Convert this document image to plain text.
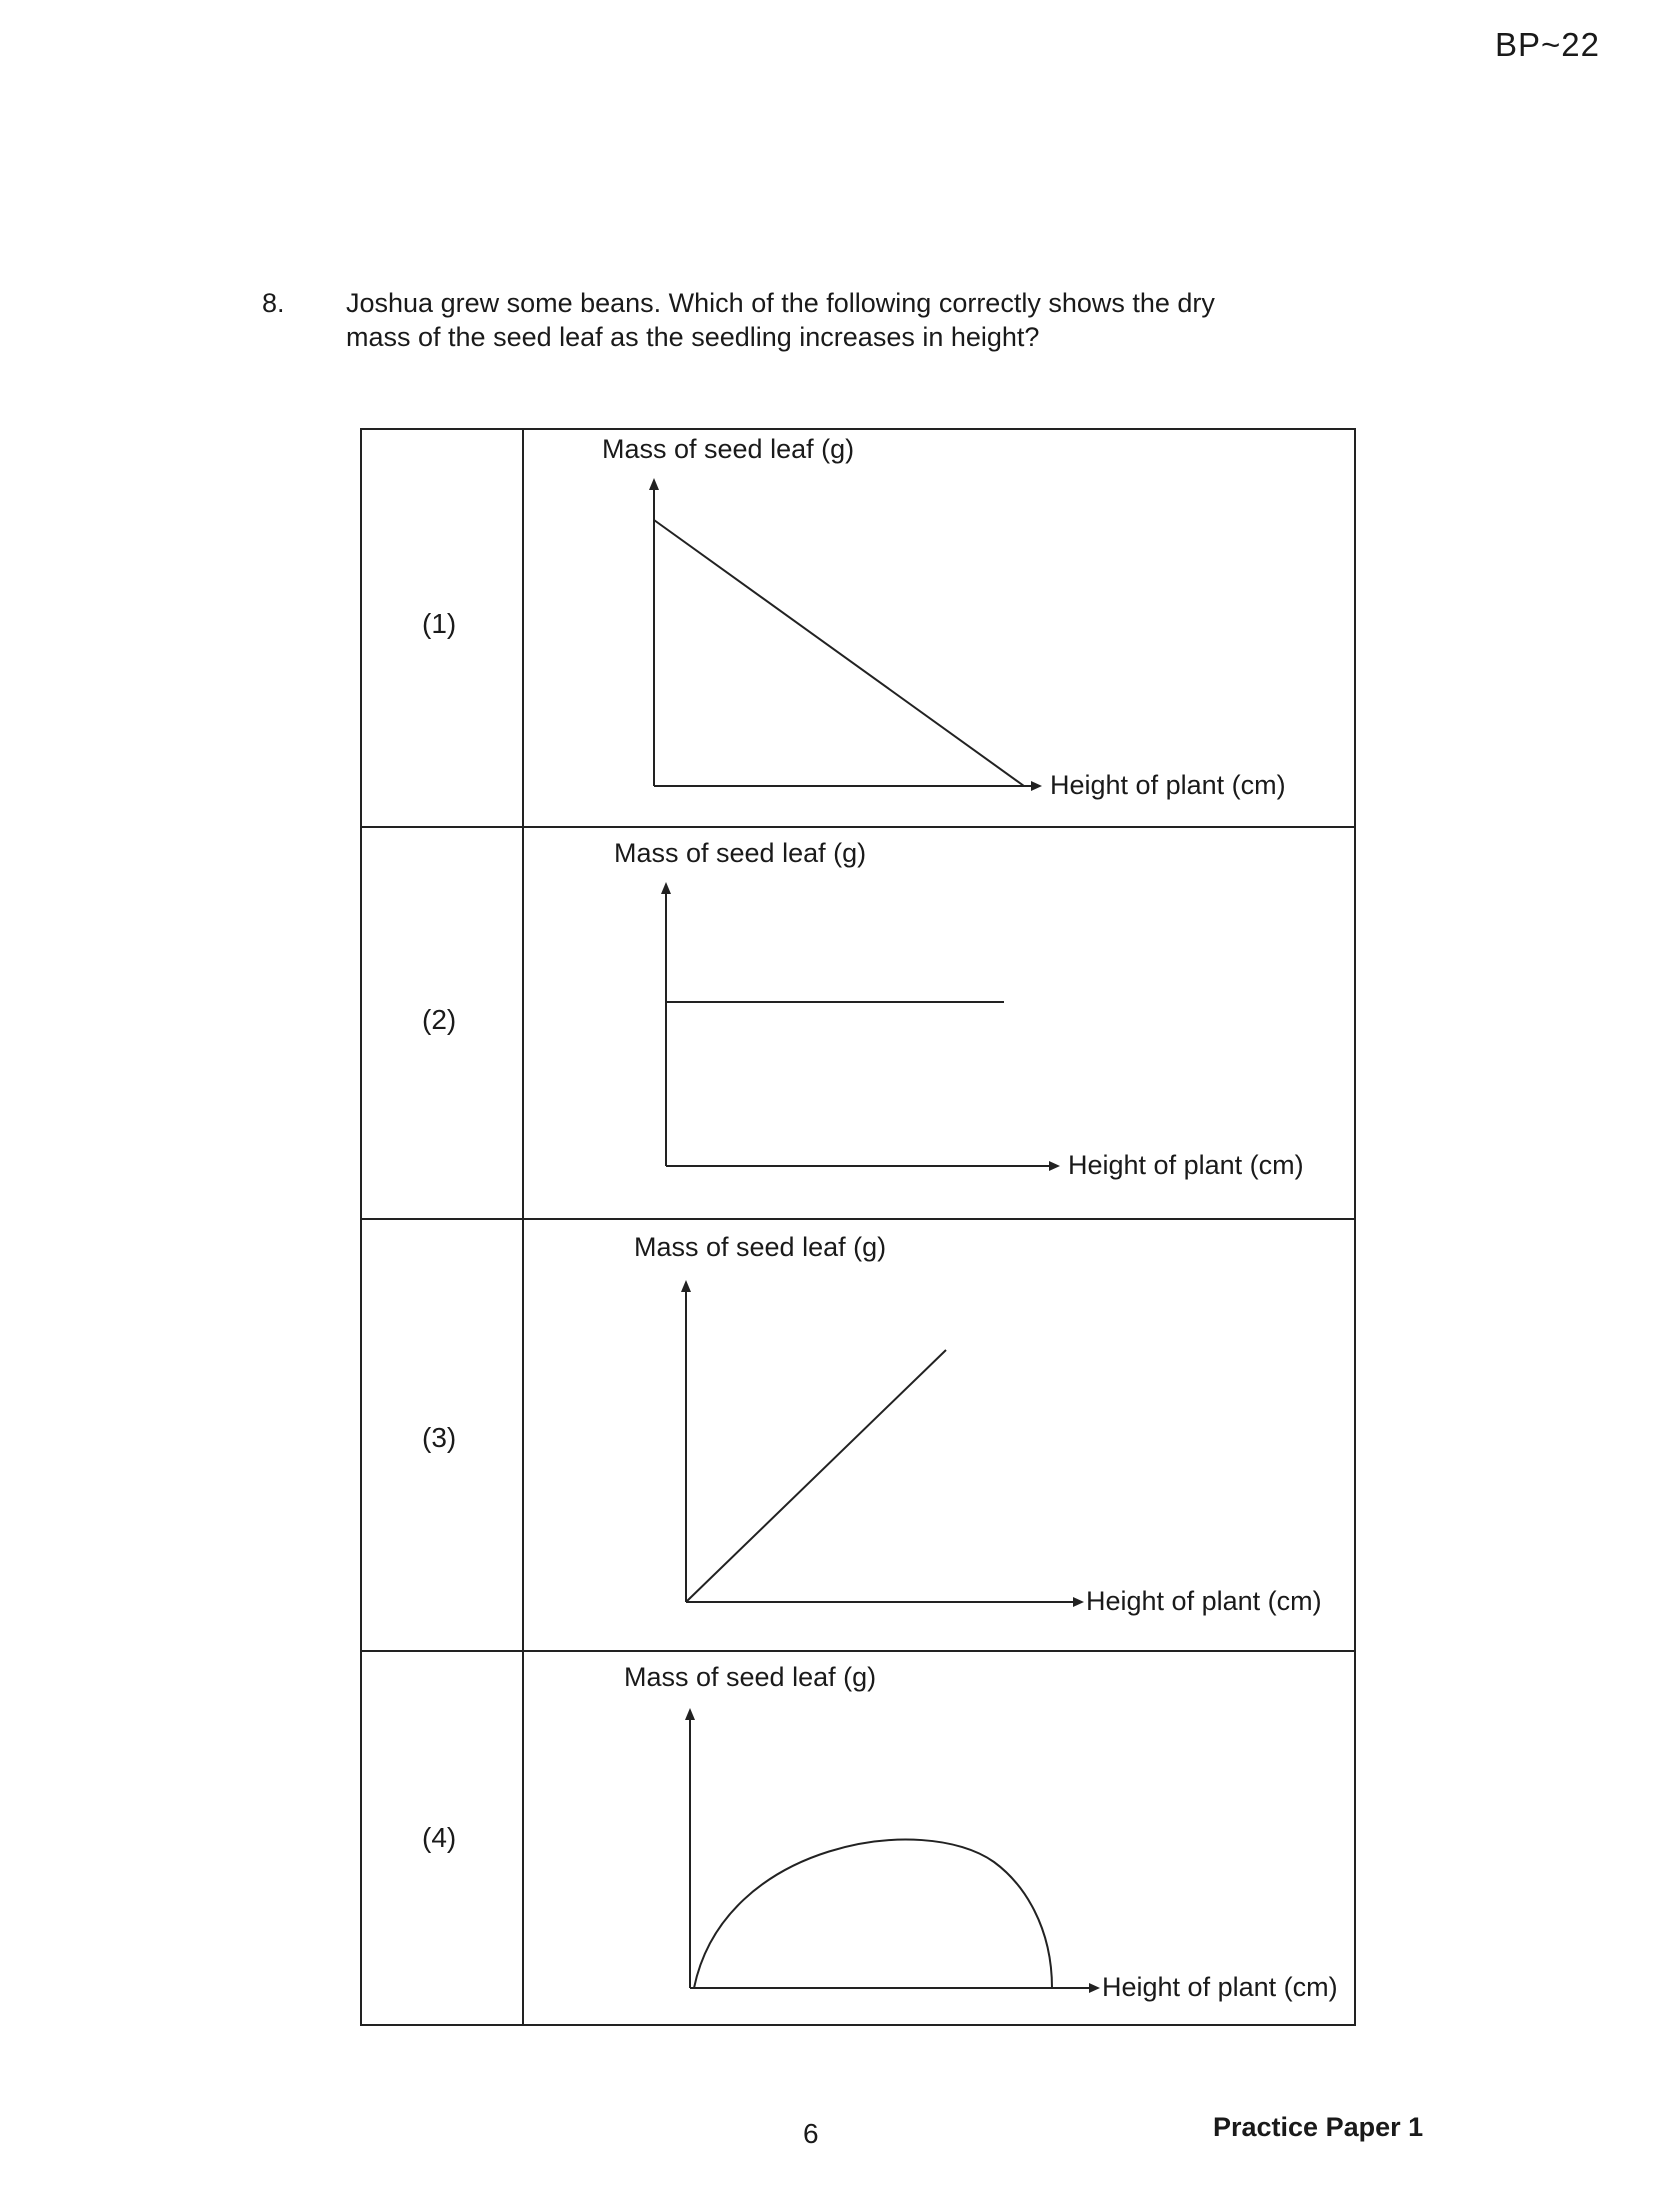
BP~22
8. Joshua grew some beans. Which of the following correctly shows the dry
mass of the seed leaf as the seedling increases in height?
(1)
Mass of seed leaf (g)
Height of plant (cm)
(2)
Mass of seed leaf (g)
Height of plant (cm)
(3)
Mass of seed leaf (g)
Height of plant (cm)
(4)
Mass of seed leaf (g)
Height of plant (cm)
6	Practice Paper 1
